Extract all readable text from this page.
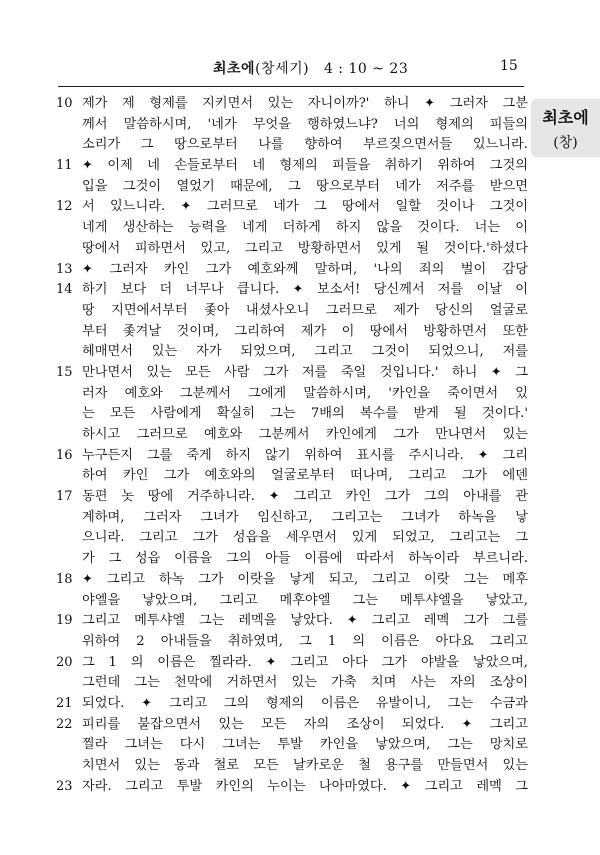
최초에(창세기) 4 : 10 ~ 23	15
최초에
(창)
10 제가 제 형제를 지키면서 있는 자니이까?' 하니 ✦ 그러자 그분
께서 말씀하시며, '네가 무엇을 행하였느냐? 너의 형제의 피들의
소리가 그 땅으로부터 나를 향하여 부르짖으면서들 있느니라.
11 ✦ 이제 네 손들로부터 네 형제의 피들을 취하기 위하여 그것의
입을 그것이 열었기 때문에, 그 땅으로부터 네가 저주를 받으면
12 서 있느니라. ✦ 그러므로 네가 그 땅에서 일할 것이나 그것이
네게 생산하는 능력을 네게 더하게 하지 않을 것이다. 너는 이
땅에서 피하면서 있고, 그리고 방황하면서 있게 될 것이다.'하셨다
13 ✦ 그러자 카인 그가 예호와께 말하며, '나의 죄의 벌이 감당
14 하기 보다 더 너무나 큽니다. ✦ 보소서! 당신께서 저를 이날 이
땅 지면에서부터 좇아 내셨사오니 그러므로 제가 당신의 얼굴로
부터 좇겨날 것이며, 그리하여 제가 이 땅에서 방황하면서 또한
헤매면서 있는 자가 되었으며, 그리고 그것이 되었으니, 저를
15 만나면서 있는 모든 사람 그가 저를 죽일 것입니다.' 하니 ✦ 그
러자 예호와 그분께서 그에게 말씀하시며, '카인을 죽이면서 있
는 모든 사람에게 확실히 그는 7배의 복수를 받게 될 것이다.'
하시고 그러므로 예호와 그분께서 카인에게 그가 만나면서 있는
16 누구든지 그를 죽게 하지 않기 위하여 표시를 주시니라. ✦ 그리
하여 카인 그가 예호와의 얼굴로부터 떠나며, 그리고 그가 에덴
17 동편 놋 땅에 거주하니라. ✦ 그리고 카인 그가 그의 아내를 관
계하며, 그러자 그녀가 임신하고, 그리고는 그녀가 하녹을 낳
으니라. 그리고 그가 성읍을 세우면서 있게 되었고, 그리고는 그
가 그 성읍 이름을 그의 아들 이름에 따라서 하녹이라 부르니라.
18 ✦ 그리고 하녹 그가 이랏을 낳게 되고, 그리고 이랏 그는 메후
야엘을 낳았으며, 그리고 메후야엘 그는 메투샤엘을 낳았고,
19 그리고 메투샤엘 그는 레멕을 낳았다. ✦ 그리고 레멕 그가 그를
위하여 2 아내들을 취하였며, 그 1 의 이름은 아다요 그리고
20 그 1 의 이름은 찔라라. ✦ 그리고 아다 그가 야발을 낳았으며,
그런데 그는 천막에 거하면서 있는 가축 치며 사는 자의 조상이
21 되었다. ✦ 그리고 그의 형제의 이름은 유발이니, 그는 수금과
22 피리를 불잡으면서 있는 모든 자의 조상이 되었다. ✦ 그리고
찔라 그녀는 다시 그녀는 투발 카인을 낳았으며, 그는 망치로
치면서 있는 동과 철로 모든 날카로운 철 용구를 만들면서 있는
23 자라. 그리고 투발 카인의 누이는 나아마였다. ✦ 그리고 레멕 그
